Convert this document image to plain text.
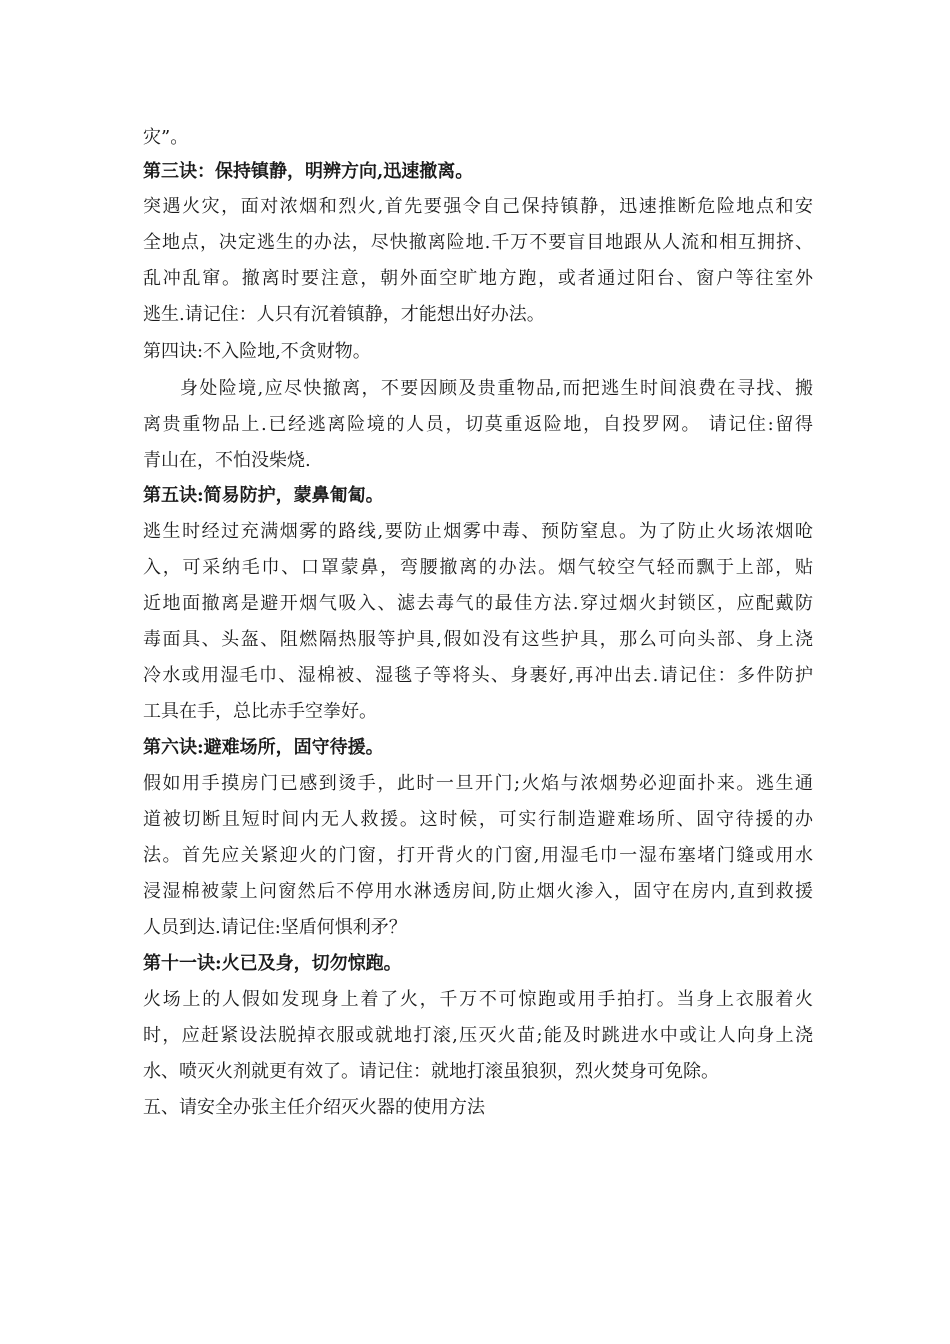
灾”。
第三诀：保持镇静，明辨方向,迅速撤离。
突遇火灾，面对浓烟和烈火,首先要强令自己保持镇静，迅速推断危险地点和安
全地点，决定逃生的办法，尽快撤离险地.千万不要盲目地跟从人流和相互拥挤、
乱冲乱窜。撤离时要注意，朝外面空旷地方跑，或者通过阳台、窗户等往室外
逃生.请记住：人只有沉着镇静，才能想出好办法。
第四诀:不入险地,不贪财物。
身处险境,应尽快撤离，不要因顾及贵重物品,而把逃生时间浪费在寻找、搬
离贵重物品上.已经逃离险境的人员，切莫重返险地，自投罗网。 请记住:留得
青山在，不怕没柴烧.
第五诀:简易防护，蒙鼻匍匐。
逃生时经过充满烟雾的路线,要防止烟雾中毒、预防窒息。为了防止火场浓烟呛
入，可采纳毛巾、口罩蒙鼻，弯腰撤离的办法。烟气较空气轻而飘于上部，贴
近地面撤离是避开烟气吸入、滤去毒气的最佳方法.穿过烟火封锁区，应配戴防
毒面具、头盔、阻燃隔热服等护具,假如没有这些护具，那么可向头部、身上浇
冷水或用湿毛巾、湿棉被、湿毯子等将头、身裹好,再冲出去.请记住：多件防护
工具在手，总比赤手空拳好。
第六诀:避难场所，固守待援。
假如用手摸房门已感到烫手，此时一旦开门;火焰与浓烟势必迎面扑来。逃生通
道被切断且短时间内无人救援。这时候，可实行制造避难场所、固守待援的办
法。首先应关紧迎火的门窗，打开背火的门窗,用湿毛巾一湿布塞堵门缝或用水
浸湿棉被蒙上问窗然后不停用水淋透房间,防止烟火渗入，固守在房内,直到救援
人员到达.请记住:坚盾何惧利矛？
第十一诀:火已及身，切勿惊跑。
火场上的人假如发现身上着了火，千万不可惊跑或用手拍打。当身上衣服着火
时，应赶紧设法脱掉衣服或就地打滚,压灭火苗;能及时跳进水中或让人向身上浇
水、喷灭火剂就更有效了。请记住：就地打滚虽狼狈，烈火焚身可免除。
五、请安全办张主任介绍灭火器的使用方法
